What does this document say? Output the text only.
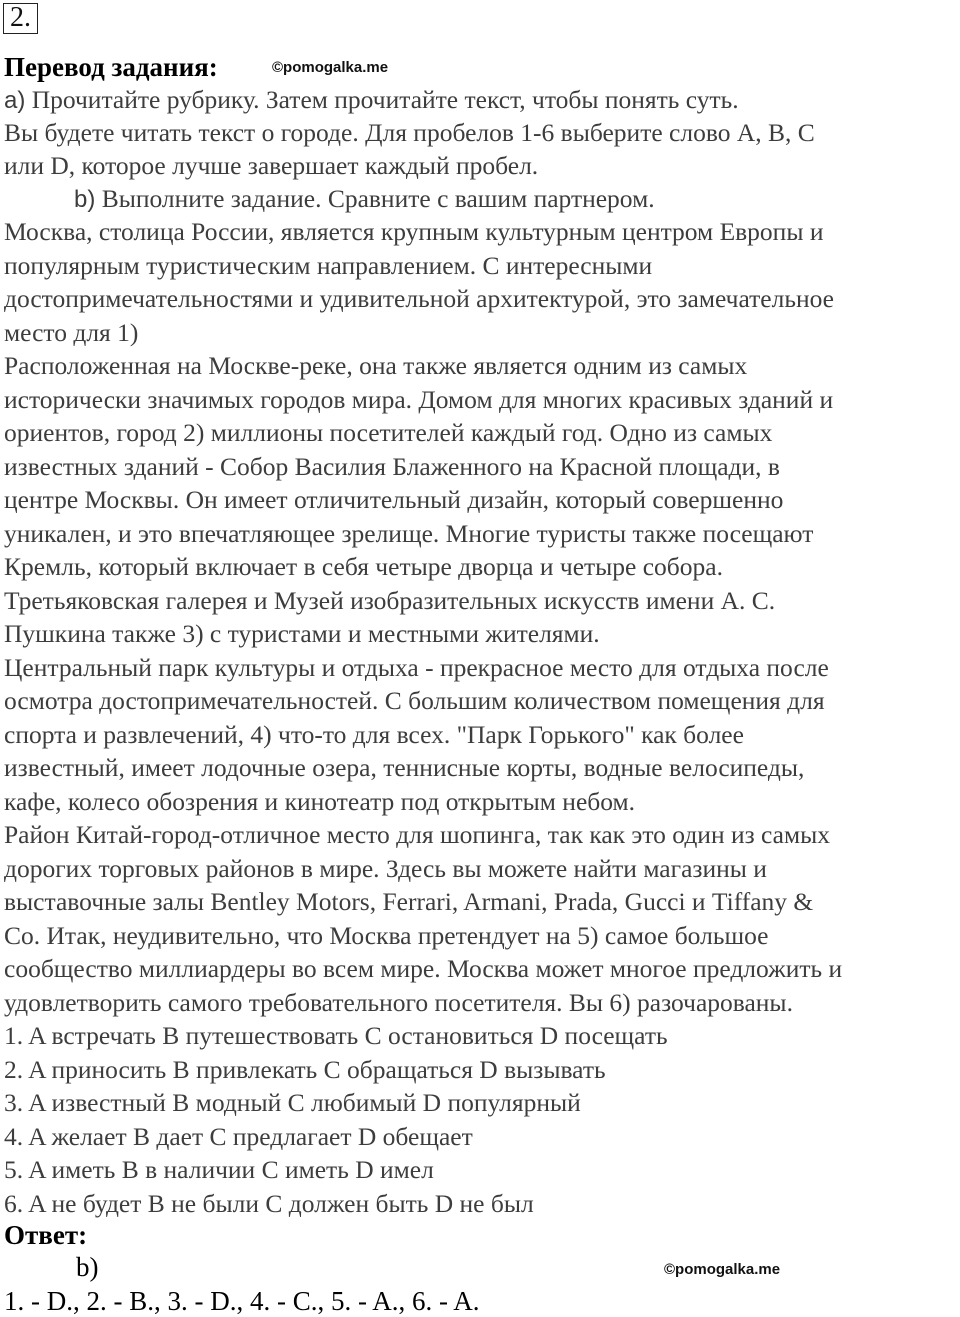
2.
Перевод задания:	©pomogalka.me
a) Прочитайте рубрику. Затем прочитайте текст, чтобы понять суть.
Вы будете читать текст о городе. Для пробелов 1-6 выберите слово A, B, C
или D, которое лучше завершает каждый пробел.
b) Выполните задание. Сравните с вашим партнером.
Москва, столица России, является крупным культурным центром Европы и
популярным туристическим направлением. С интересными
достопримечательностями и удивительной архитектурой, это замечательное
место для 1)
Расположенная на Москве-реке, она также является одним из самых
исторически значимых городов мира. Домом для многих красивых зданий и
ориентов, город 2) миллионы посетителей каждый год. Одно из самых
известных зданий - Собор Василия Блаженного на Красной площади, в
центре Москвы. Он имеет отличительный дизайн, который совершенно
уникален, и это впечатляющее зрелище. Многие туристы также посещают
Кремль, который включает в себя четыре дворца и четыре собора.
Третьяковская галерея и Музей изобразительных искусств имени А. С.
Пушкина также 3) с туристами и местными жителями.
Центральный парк культуры и отдыха - прекрасное место для отдыха после
осмотра достопримечательностей. С большим количеством помещения для
спорта и развлечений, 4) что-то для всех. "Парк Горького" как более
известный, имеет лодочные озера, теннисные корты, водные велосипеды,
кафе, колесо обозрения и кинотеатр под открытым небом.
Район Китай-город-отличное место для шопинга, так как это один из самых
дорогих торговых районов в мире. Здесь вы можете найти магазины и
выставочные залы Bentley Motors, Ferrari, Armani, Prada, Gucci и Tiffany &
Co. Итак, неудивительно, что Москва претендует на 5) самое большое
сообщество миллиардеры во всем мире. Москва может многое предложить и
удовлетворить самого требовательного посетителя. Вы 6) разочарованы.
1. A встречать B путешествовать C остановиться D посещать
2. A приносить B привлекать C обращаться D вызывать
3. A известный B модный C любимый D популярный
4. A желает B дает C предлагает D обещает
5. A иметь B в наличии C иметь D имел
6. A не будет B не были C должен быть D не был
Ответ:
b)	©pomogalka.me
1. - D., 2. - B., 3. - D., 4. - C., 5. - A., 6. - A.
